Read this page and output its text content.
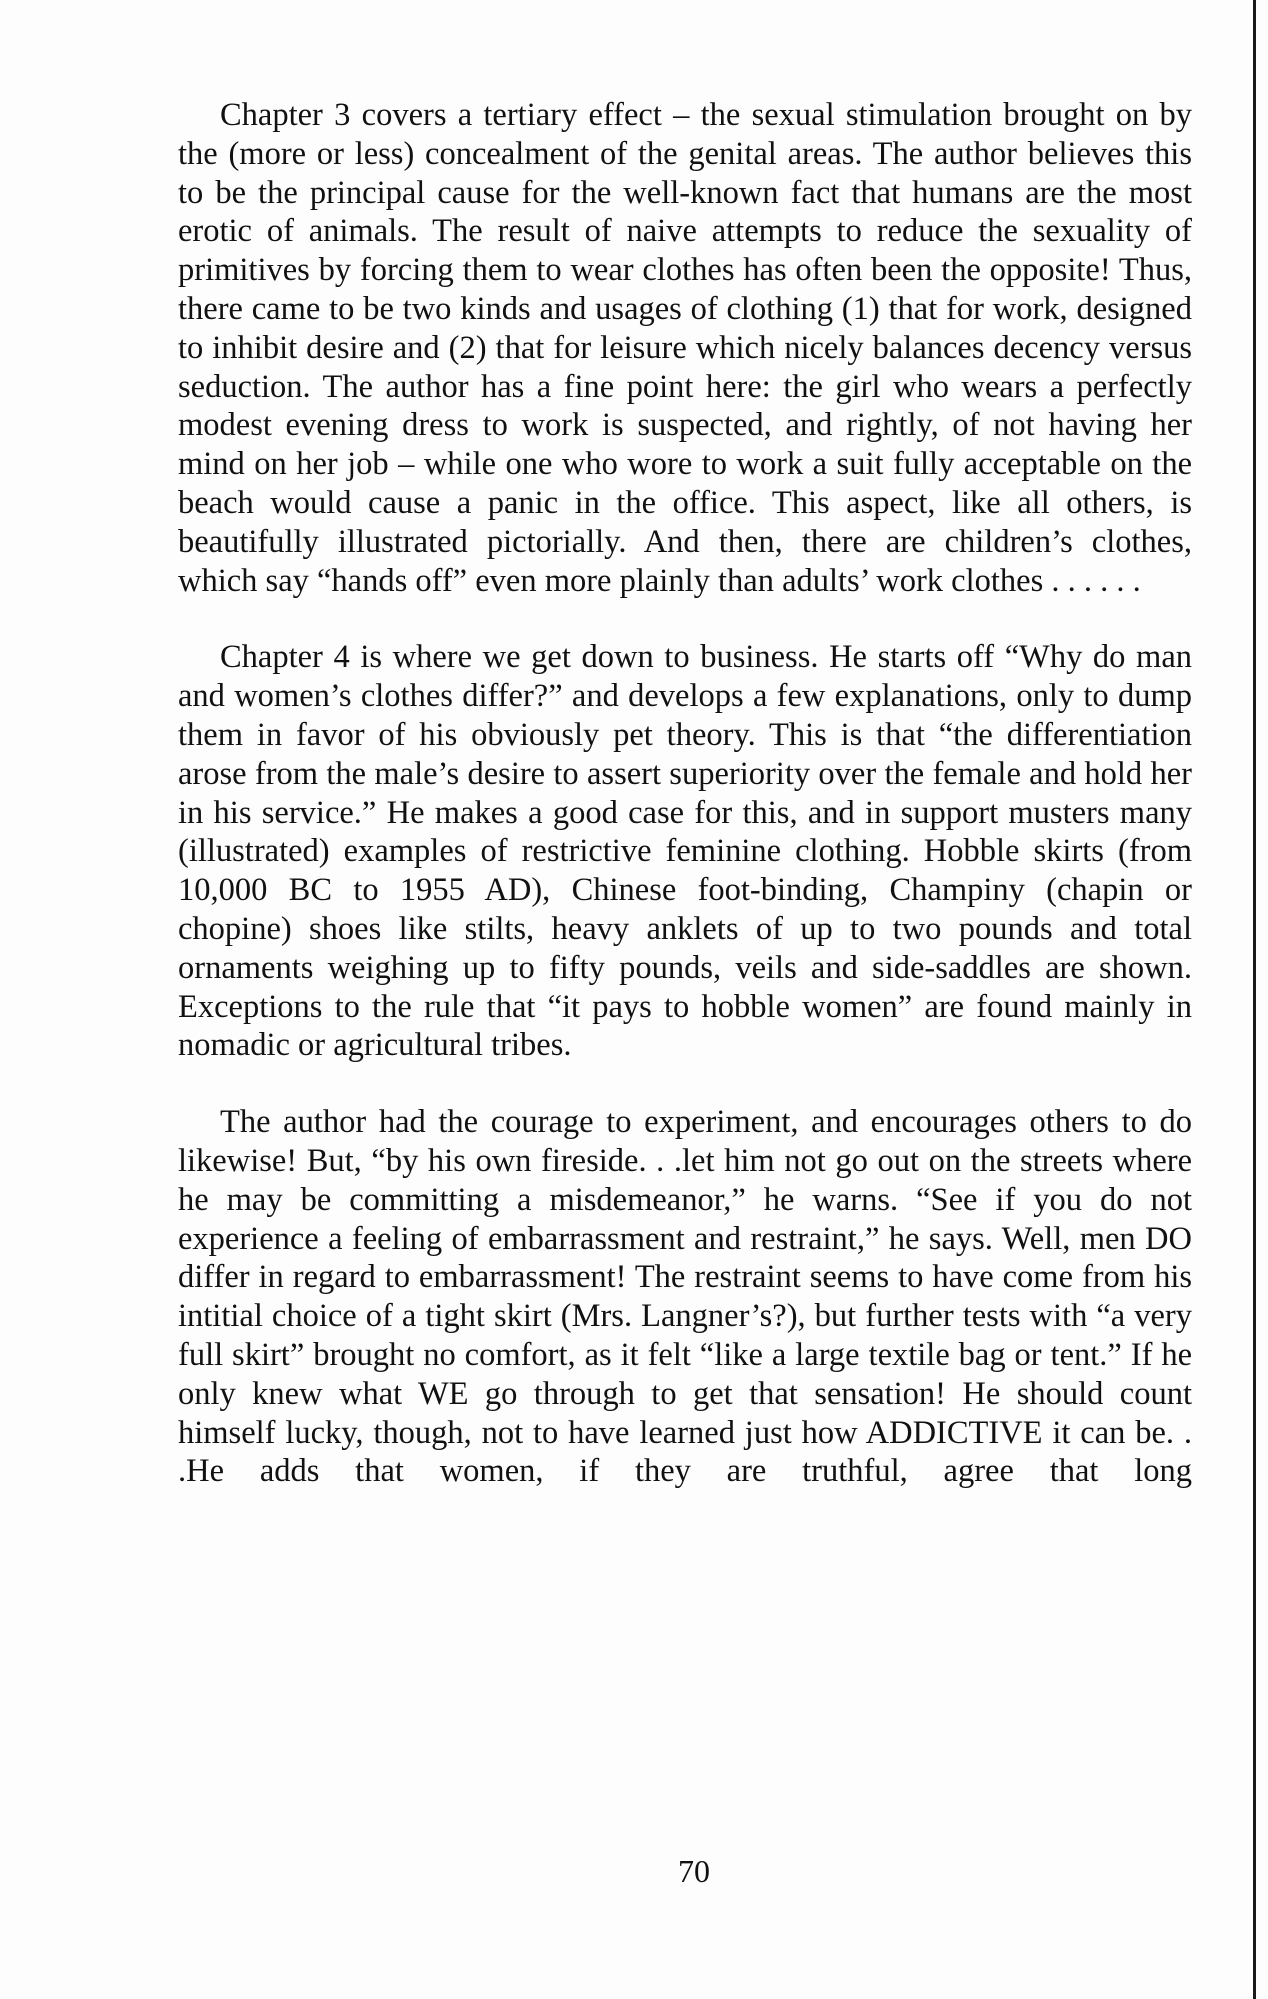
Chapter 3 covers a tertiary effect – the sexual stimulation brought on by the (more or less) concealment of the genital areas. The author believes this to be the principal cause for the well-known fact that humans are the most erotic of animals. The result of naive attempts to reduce the sexuality of primitives by forcing them to wear clothes has often been the opposite! Thus, there came to be two kinds and usages of clothing (1) that for work, designed to inhibit desire and (2) that for leisure which nicely balances decency versus seduction. The author has a fine point here: the girl who wears a perfectly modest evening dress to work is suspected, and rightly, of not having her mind on her job – while one who wore to work a suit fully acceptable on the beach would cause a panic in the office. This aspect, like all others, is beautifully illustrated pictorially. And then, there are children’s clothes, which say “hands off” even more plainly than adults’ work clothes . . . . . .

Chapter 4 is where we get down to business. He starts off “Why do man and women’s clothes differ?” and develops a few explanations, only to dump them in favor of his obviously pet theory. This is that “the differentiation arose from the male’s desire to assert superiority over the female and hold her in his service.” He makes a good case for this, and in support musters many (illustrated) examples of restrictive feminine clothing. Hobble skirts (from 10,000 BC to 1955 AD), Chinese foot-binding, Champiny (chapin or chopine) shoes like stilts, heavy anklets of up to two pounds and total ornaments weighing up to fifty pounds, veils and side-saddles are shown. Exceptions to the rule that “it pays to hobble women” are found mainly in nomadic or agricultural tribes.

The author had the courage to experiment, and encourages others to do likewise! But, “by his own fireside. . .let him not go out on the streets where he may be committing a misdemeanor,” he warns. “See if you do not experience a feeling of embarrassment and restraint,” he says. Well, men DO differ in regard to embarrassment! The restraint seems to have come from his intitial choice of a tight skirt (Mrs. Langner’s?), but further tests with “a very full skirt” brought no comfort, as it felt “like a large textile bag or tent.” If he only knew what WE go through to get that sensation! He should count himself lucky, though, not to have learned just how ADDICTIVE it can be. . .He adds that women, if they are truthful, agree that long

70
